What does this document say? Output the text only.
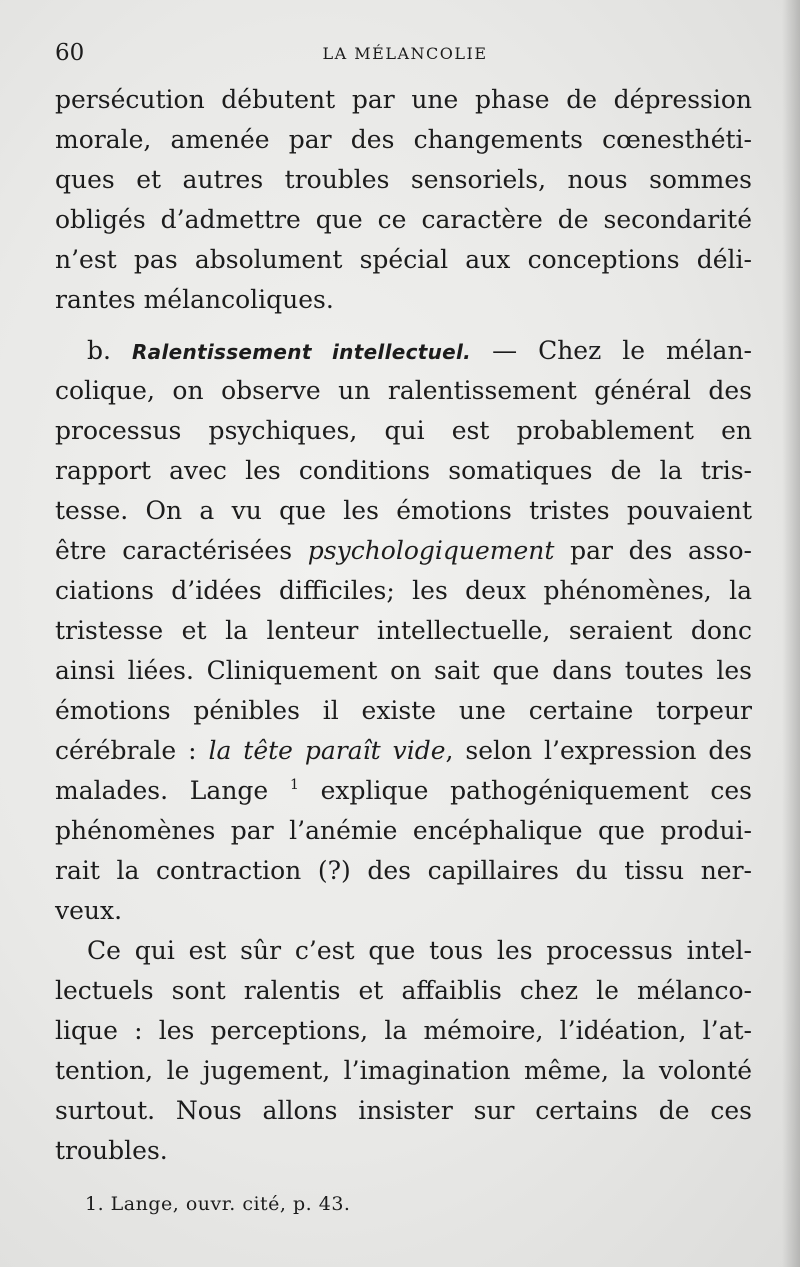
60	LA MÉLANCOLIE
persécution débutent par une phase de dépression
morale, amenée par des changements cœnesthéti-
ques et autres troubles sensoriels, nous sommes
obligés d’admettre que ce caractère de secondarité
n’est pas absolument spécial aux conceptions déli-
rantes mélancoliques.
b. Ralentissement intellectuel. — Chez le mélan-
colique, on observe un ralentissement général des
processus psychiques, qui est probablement en
rapport avec les conditions somatiques de la tris-
tesse. On a vu que les émotions tristes pouvaient
être caractérisées psychologiquement par des asso-
ciations d’idées difficiles; les deux phénomènes, la
tristesse et la lenteur intellectuelle, seraient donc
ainsi liées. Cliniquement on sait que dans toutes les
émotions pénibles il existe une certaine torpeur
cérébrale : la tête paraît vide, selon l’expression des
malades. Lange $^1$ explique pathogéniquement ces
phénomènes par l’anémie encéphalique que produi-
rait la contraction (?) des capillaires du tissu ner-
veux.
Ce qui est sûr c’est que tous les processus intel-
lectuels sont ralentis et affaiblis chez le mélanco-
lique : les perceptions, la mémoire, l’idéation, l’at-
tention, le jugement, l’imagination même, la volonté
surtout. Nous allons insister sur certains de ces
troubles.
1. Lange, ouvr. cité, p. 43.
